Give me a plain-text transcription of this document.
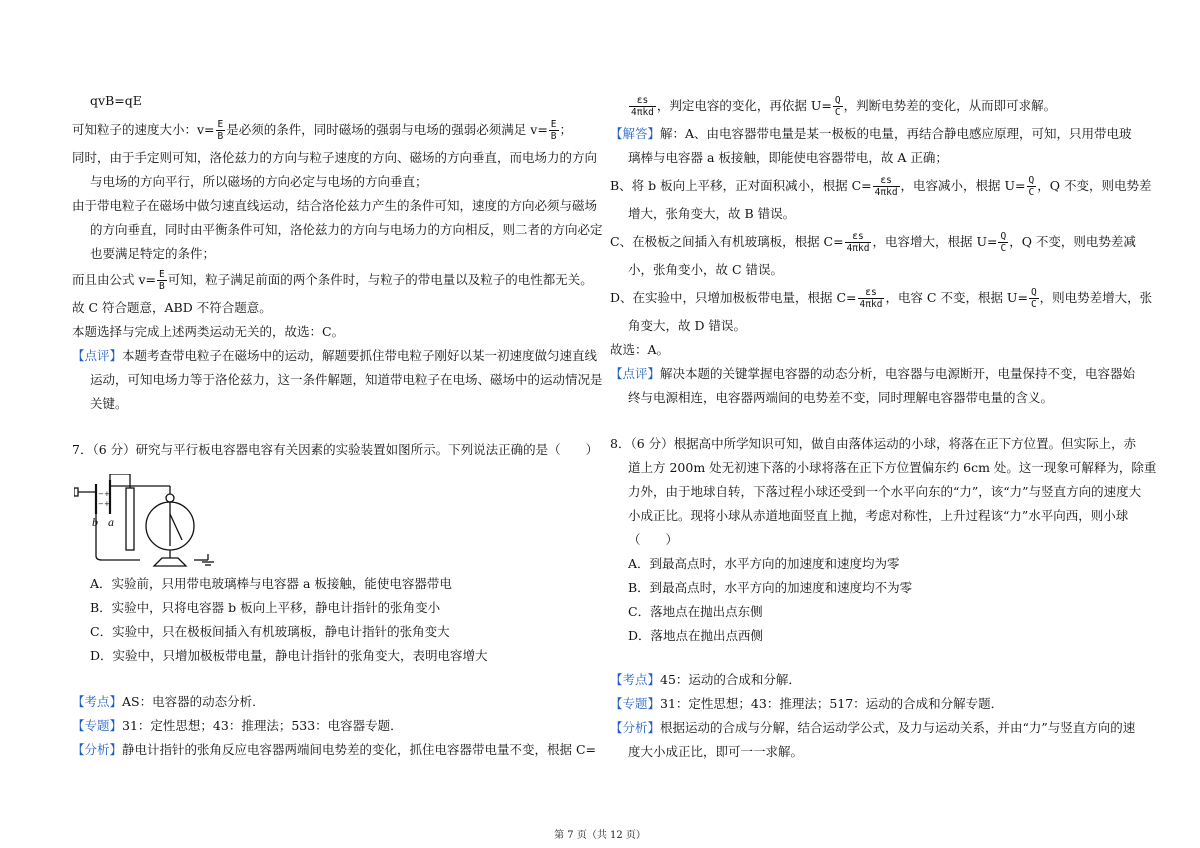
qvB=qE
可知粒子的速度大小：$v= \frac{E}{B}$ 是必须的条件，同时磁场的强弱与电场的强弱必须满足 $v= \frac{E}{B}$ ；
同时，由于手定则可知，洛伦兹力的方向与粒子速度的方向、磁场的方向垂直，而电场力的方向
与电场的方向平行，所以磁场的方向必定与电场的方向垂直；
由于带电粒子在磁场中做匀速直线运动，结合洛伦兹力产生的条件可知，速度的方向必须与磁场
的方向垂直，同时由平衡条件可知，洛伦兹力的方向与电场力的方向相反，则二者的方向必定
也要满足特定的条件；
而且由公式 $v= \frac{E}{B}$ 可知，粒子满足前面的两个条件时，与粒子的带电量以及粒子的电性都无关。
故 C 符合题意，ABD 不符合题意。
本题选择与完成上述两类运动无关的，故选：C。
【点评】本题考查带电粒子在磁场中的运动，解题要抓住带电粒子刚好以某一初速度做匀速直线
运动，可知电场力等于洛伦兹力，这一条件解题，知道带电粒子在电场、磁场中的运动情况是
关键。
7．（6 分）研究与平行板电容器电容有关因素的实验装置如图所示。下列说法正确的是（　　）
A．实验前，只用带电玻璃棒与电容器 a 板接触，能使电容器带电
B．实验中，只将电容器 b 板向上平移，静电计指针的张角变小
C．实验中，只在极板间插入有机玻璃板，静电计指针的张角变大
D．实验中，只增加极板带电量，静电计指针的张角变大，表明电容增大
【考点】AS：电容器的动态分析．
【专题】31：定性思想；43：推理法；533：电容器专题．
【分析】静电计指针的张角反应电容器两端间电势差的变化，抓住电容器带电量不变，根据 C=
−
−
+
+
b a
$\frac{\varepsilon s}{\text{4πkd}}$ ，判定电容的变化，再依据 $U= \frac{Q}{C}$ ，判断电势差的变化，从而即可求解。
【解答】解：A、由电容器带电量是某一极板的电量，再结合静电感应原理，可知，只用带电玻
璃棒与电容器 a 板接触，即能使电容器带电，故 A 正确；
B、将 b 板向上平移，正对面积减小，根据 $C= \frac{\varepsilon s}{\text{4πkd}}$ ，电容减小，根据 $U= \frac{Q}{C}$ ，Q 不变，则电势差
增大，张角变大，故 B 错误。
C、在极板之间插入有机玻璃板，根据 $C= \frac{\varepsilon s}{\text{4πkd}}$ ，电容增大，根据 $U= \frac{Q}{C}$ ，Q 不变，则电势差减
小，张角变小，故 C 错误。
D、在实验中，只增加极板带电量，根据 $C= \frac{\varepsilon s}{\text{4πkd}}$ ，电容 C 不变，根据 $U= \frac{Q}{C}$ ，则电势差增大，张
角变大，故 D 错误。
故选：A。
【点评】解决本题的关键掌握电容器的动态分析，电容器与电源断开，电量保持不变，电容器始
终与电源相连，电容器两端间的电势差不变，同时理解电容器带电量的含义。
8．（6 分）根据高中所学知识可知，做自由落体运动的小球，将落在正下方位置。但实际上，赤
道上方 200m 处无初速下落的小球将落在正下方位置偏东约 6cm 处。这一现象可解释为，除重
力外，由于地球自转，下落过程小球还受到一个水平向东的“力”，该“力”与竖直方向的速度大
小成正比。现将小球从赤道地面竖直上抛，考虑对称性，上升过程该“力”水平向西，则小球
（　　）
A．到最高点时，水平方向的加速度和速度均为零
B．到最高点时，水平方向的加速度和速度均不为零
C．落地点在抛出点东侧
D．落地点在抛出点西侧
【考点】45：运动的合成和分解．
【专题】31：定性思想；43：推理法；517：运动的合成和分解专题．
【分析】根据运动的合成与分解，结合运动学公式，及力与运动关系，并由“力”与竖直方向的速
度大小成正比，即可一一求解。
第 7 页（共 12 页）
